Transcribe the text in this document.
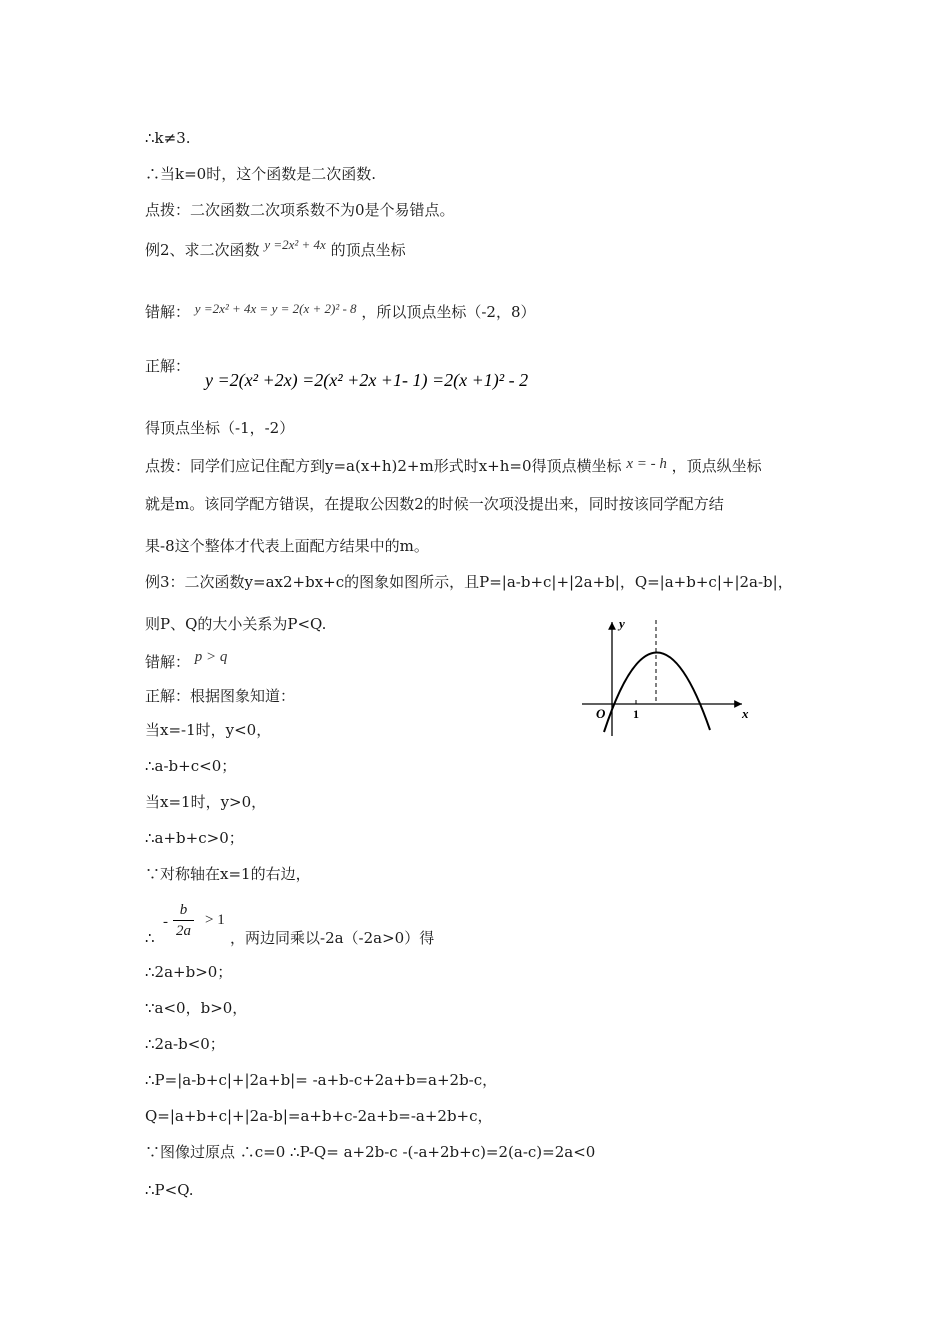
∴k≠3.
∴当k=0时，这个函数是二次函数.
点拨：二次函数二次项系数不为0是个易错点。
例2、求二次函数 y =2x² + 4x 的顶点坐标
错解： y =2x² + 4x = y = 2(x + 2)² - 8 ，所以顶点坐标（-2，8）
正解：
y =2(x² +2x) =2(x² +2x +1- 1) =2(x +1)² - 2
得顶点坐标（-1，-2）
点拨：同学们应记住配方到y=a(x+h)2+m形式时x+h=0得顶点横坐标 x = - h ，顶点纵坐标
就是m。该同学配方错误，在提取公因数2的时候一次项没提出来，同时按该同学配方结
果-8这个整体才代表上面配方结果中的m。
例3：二次函数y=ax2+bx+c的图象如图所示，且P=|a-b+c|+|2a+b|，Q=|a+b+c|+|2a-b|，
则P、Q的大小关系为P<Q.
错解： p > q
正解：根据图象知道：
当x=-1时，y<0，
∴a-b+c<0；
当x=1时，y>0，
∴a+b+c>0；
∵对称轴在x=1的右边，
∴
- $\frac{b}{2a} > 1$
，两边同乘以-2a（-2a>0）得
∴2a+b>0；
∵a<0，b>0，
∴2a-b<0；
∴P=|a-b+c|+|2a+b|= -a+b-c+2a+b=a+2b-c，
Q=|a+b+c|+|2a-b|=a+b+c-2a+b=-a+2b+c，
∵图像过原点 ∴c=0 ∴P-Q= a+2b-c -(-a+2b+c)=2(a-c)=2a<0
∴P<Q.
y
x
O 1
